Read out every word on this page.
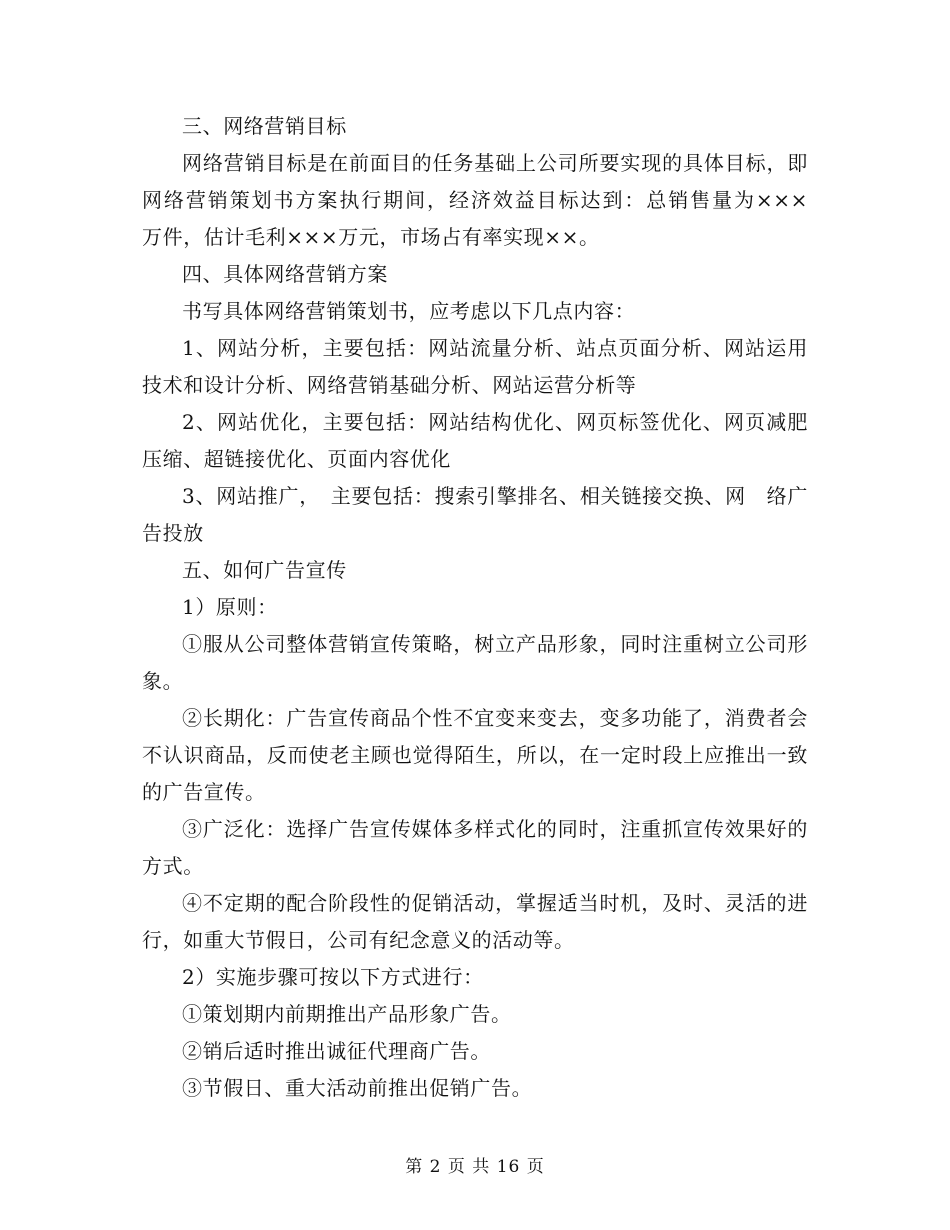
三、网络营销目标

网络营销目标是在前面目的任务基础上公司所要实现的具体目标，即网络营销策划书方案执行期间，经济效益目标达到：总销售量为×××　万件，估计毛利×××万元，市场占有率实现××。

四、具体网络营销方案

书写具体网络营销策划书，应考虑以下几点内容：

1、网站分析，主要包括：网站流量分析、站点页面分析、网站运用技术和设计分析、网络营销基础分析、网站运营分析等

2、网站优化，主要包括：网站结构优化、网页标签优化、网页减肥压缩、超链接优化、页面内容优化

3、网站推广，　主要包括：搜索引擎排名、相关链接交换、网　络广告投放

五、如何广告宣传

1）原则：

①服从公司整体营销宣传策略，树立产品形象，同时注重树立公司形象。

②长期化：广告宣传商品个性不宜变来变去，变多功能了，消费者会不认识商品，反而使老主顾也觉得陌生，所以，在一定时段上应推出一致的广告宣传。

③广泛化：选择广告宣传媒体多样式化的同时，注重抓宣传效果好的方式。

④不定期的配合阶段性的促销活动，掌握适当时机，及时、灵活的进行，如重大节假日，公司有纪念意义的活动等。

2）实施步骤可按以下方式进行：

①策划期内前期推出产品形象广告。

②销后适时推出诚征代理商广告。

③节假日、重大活动前推出促销广告。

第 2 页 共 16 页
